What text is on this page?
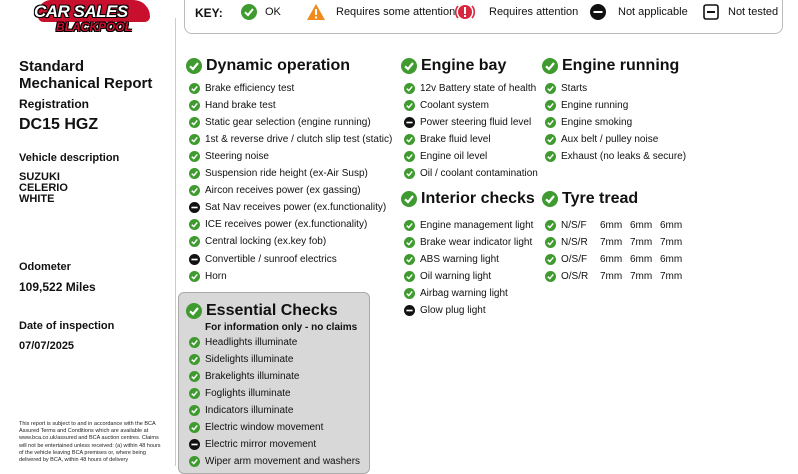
CAR SALES
BLACKPOOL
KEY:	OK	Requires some attention	Requires attention	Not applicable	Not tested
Standard
Mechanical Report
Registration
DC15 HGZ
Vehicle description
SUZUKI
CELERIO
WHITE
Odometer
109,522 Miles
Date of inspection
07/07/2025
This report is subject to and in accordance with the BCA
Assured Terms and Conditions which are available at
www.bca.co.uk/assured and BCA auction centres. Claims
will not be entertained unless received: (a) within 48 hours
of the vehicle leaving BCA premises or, where being
delivered by BCA, within 48 hours of delivery
Dynamic operation
Brake efficiency test
Hand brake test
Static gear selection (engine running)
1st & reverse drive / clutch slip test (static)
Steering noise
Suspension ride height (ex-Air Susp)
Aircon receives power (ex gassing)
Sat Nav receives power (ex.functionality)
ICE receives power (ex.functionality)
Central locking (ex.key fob)
Convertible / sunroof electrics
Horn
Engine bay
12v Battery state of health
Coolant system
Power steering fluid level
Brake fluid level
Engine oil level
Oil / coolant contamination
Engine running
Starts
Engine running
Engine smoking
Aux belt / pulley noise
Exhaust (no leaks & secure)
Interior checks
Engine management light
Brake wear indicator light
ABS warning light
Oil warning light
Airbag warning light
Glow plug light
Tyre tread
N/S/F	6mm 6mm 6mm
N/S/R	7mm 7mm 7mm
O/S/F	6mm 6mm 6mm
O/S/R	7mm 7mm 7mm
Essential Checks
For information only - no claims
Headlights illuminate
Sidelights illuminate
Brakelights illuminate
Foglights illuminate
Indicators illuminate
Electric window movement
Electric mirror movement
Wiper arm movement and washers
